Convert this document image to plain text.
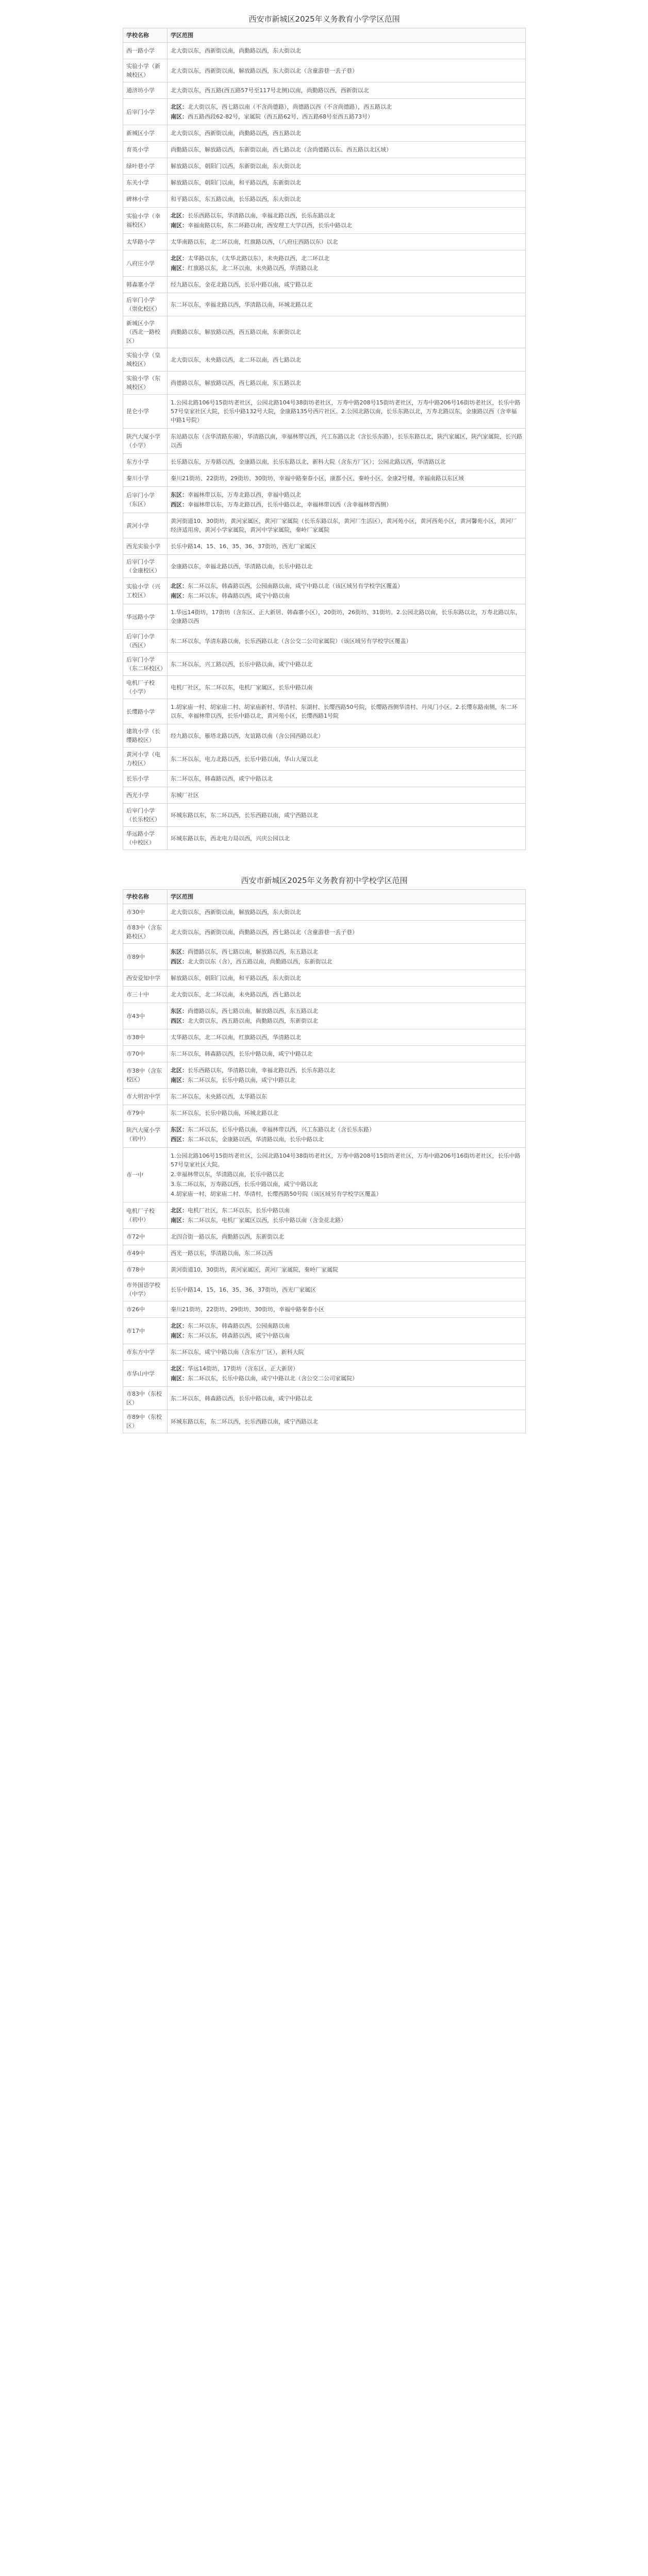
西安市新城区2025年义务教育小学学区范围
学校名称	学区范围
西一路小学	北大街以东，西新街以南，尚勤路以西，东大街以北

实验小学（新城校区）	北大街以东，西新街以南，解放路以西，东大街以北（含童游巷一丢子巷）

通济坊小学	北大街以东，西五路(西五路57号至117号北侧)以南，尚勤路以西，西新街以北

后宰门小学	北区：北大街以东，西七路以南（不含尚德路），尚德路以西（不含尚德路），西五路以北
南区：西五路西段62-82号，家属院（西五路62号、西五路68号至西五路73号）

新城区小学	北大街以东，西新街以南，尚勤路以西，西五路以北

育英小学	尚勤路以东，解放路以西，东新街以南，西七路以北（含尚德路以东、西五路以北区域）

绿叶巷小学	解放路以东，朝阳门以西，东新街以南，东大街以北

东关小学	解放路以东，朝阳门以南，和平路以西，东新街以北

碑林小学	和平路以东，东五路以南，长乐路以西，东大街以北

实验小学（幸福校区）	北区：长乐西路以东，华清路以南，幸福北路以西，长乐东路以北
南区：幸福南路以东，东二环路以南，西安理工大学以西，长乐中路以北

太华路小学	太华南路以东，北二环以南，红旗路以西，（八府庄西路以东）以北

八府庄小学	北区：太华路以东，（太华北路以东），未央路以西，北二环以北
南区：红旗路以东，北二环以南，未央路以西，华清路以北

韩森寨小学	经九路以东，金花北路以西，长乐中路以南，咸宁路以北

后宰门小学（崇化校区）	东二环以东，幸福北路以西，华清路以南，环城北路以北

新城区小学（西北一路校区）	尚勤路以东，解放路以西，西五路以南，东新街以北

实验小学（皇城校区）	北大街以东，未央路以西，北二环以南，西七路以北

实验小学（东城校区）	尚德路以东，解放路以西，西七路以南，东五路以北

昆仑小学	1.公园北路106号15街坊老社区，公园北路104号38街坊老社区，万寿中路208号15街坊老社区，万寿中路206号16街坊老社区，长乐中路57号皇家社区大院，长乐中路132号大院，金康路135号西片社区。2.公园北路以南，长乐东路以北，万寿北路以东，金康路以西（含幸福中路1号院）

陕汽大厦小学（小学）	东站路以东（含华清路东端），华清路以南，幸福林带以西，兴工东路以北（含长乐东路），长乐东路以北，陕汽家属区，陕汽家属院，长兴路以西

东方小学	长乐路以东，万寿路以西，金康路以南，长乐东路以北，新科大院（含东方厂区）；公园北路以西，华清路以北

秦川小学	秦川21街坊、22街坊、29街坊、30街坊，幸福中路秦春小区，康都小区、秦岭小区、金康2号楼，幸福南路以东区域

后宰门小学（东区）	东区：幸福林带以东，万寿北路以西，幸福中路以北
西区：幸福林带以东，万寿北路以西，长乐中路以北，幸福林带以西（含幸福林带西侧）

黄河小学	黄河街道10、30街坊，黄河家属区，黄河厂家属院（长乐东路以东，黄河厂生活区），黄河苑小区，黄河西苑小区，黄河馨苑小区，黄河厂经济适用房，黄河小学家属院，黄河中学家属院，秦岭厂家属院

西光实验小学	长乐中路14、15、16、35、36、37街坊，西光厂家属区

后宰门小学（金康校区）	金康路以东，幸福北路以西，华清路以南，长乐中路以北

实验小学（兴工校区）	北区：东二环以东，韩森路以西，公园南路以南，咸宁中路以北（该区域另有学校学区覆盖）
南区：东二环以东，韩森路以西，咸宁中路以南

华远路小学	1.华远14街坊，17街坊（含东区、正大新居、韩森寨小区），20街坊，26街坊、31街坊。2.公园北路以南，长乐东路以北，万寿北路以东，金康路以西

后宰门小学（西区）	东二环以东，华清东路以南，长乐西路以北（含公交二公司家属院）（该区域另有学校学区覆盖）

后宰门小学（东二环校区）	东二环以东，兴工路以西，长乐中路以南，咸宁中路以北

电机厂子校（小学）	电机厂社区，东二环以东，电机厂家属区，长乐中路以南

长缨路小学	1.胡家庙一村、胡家庙二村、胡家庙新村、华清村、东湖村、长缨西路50号院，长缨路西侧华清村、丹凤门小区。2.长缨东路南侧，东二环以东，幸福林带以西，长乐中路以北，黄河苑小区，长缨西路1号院

建筑小学（长缨路校区）	经九路以东，雁塔北路以西，友谊路以南（含公园西路以北）

黄河小学（电力校区）	东二环以东，电力北路以西，长乐中路以南，华山大厦以北

长乐小学	东二环以东，韩森路以西，咸宁中路以北

西光小学	东城厂社区

后宰门小学（长乐校区）	环城东路以东，东二环以西，长乐西路以南，咸宁西路以北

华远路小学（中校区）	环城东路以东，西北电力局以西，兴庆公园以北
西安市新城区2025年义务教育初中学校学区范围
学校名称	学区范围
市30中	北大街以东，西新街以南，解放路以西，东大街以北

市83中（含东路校区）	北大街以东，西新街以南，尚勤路以西，西七路以北（含童游巷一丢子巷）

市89中	东区：尚德路以东，西七路以南，解放路以西，东五路以北
西区：北大街以东（含），西五路以南，尚勤路以西，东新街以北

西安爱知中学	解放路以东，朝阳门以南，和平路以西，东大街以北

市三十中	北大街以东，北二环以南，未央路以西，西七路以北

市43中	东区：尚德路以东，西七路以南，解放路以西，东五路以北
西区：北大街以东，西五路以南，尚勤路以西，东新街以北

市38中	太华路以东，北二环以南，红旗路以西，华清路以北

市70中	东二环以东，韩森路以西，长乐中路以南，咸宁中路以北

市38中（含东校区）	北区：长乐西路以东，华清路以南，幸福北路以西，长乐东路以北
南区：东二环以东，长乐中路以南，咸宁中路以北

市大明宫中学	东二环以东，未央路以西，太华路以东

市79中	东二环以东，长乐中路以南，环城北路以北

陕汽大厦小学（初中）	东区：东二环以东，长乐中路以南，幸福林带以西，兴工东路以北（含长乐东路）
西区：东二环以东，金康路以西，华清路以南，长乐中路以北

市一中	1.公园北路106号15街坊老社区，公园北路104号38街坊老社区，万寿中路208号15街坊老社区，万寿中路206号16街坊老社区，长乐中路57号皇家社区大院。
2.幸福林带以东，华清路以南，长乐中路以北
3.东二环以东，万寿路以西，长乐中路以南，咸宁中路以北
4.胡家庙一村、胡家庙二村、华清村，长缨西路50号院（该区域另有学校学区覆盖）

电机厂子校（初中）	北区：电机厂社区，东二环以东，长乐中路以南
南区：东二环以东，电机厂家属区以西，长乐中路以南（含金花北路）

市72中	北四合街一路以东，尚勤路以西，东新街以北

市49中	西光一路以东，华清路以南，东二环以西

市78中	黄河街道10、30街坊，黄河家属区，黄河厂家属院，秦岭厂家属院

市外国语学校（中学）	长乐中路14、15、16、35、36、37街坊，西光厂家属区

市26中	秦川21街坊、22街坊、29街坊、30街坊，幸福中路秦春小区

市17中	北区：东二环以东，韩森路以西，公园南路以南
南区：东二环以东，韩森路以西，咸宁中路以南

市东方中学	东二环以东，咸宁中路以南（含东方厂区），新科大院

市华山中学	北区：华远14街坊，17街坊（含东区、正大新居）
南区：东二环以东，长乐中路以南，咸宁中路以北（含公交二公司家属院）

市83中（东校区）	东二环以东，韩森路以西，长乐中路以南，咸宁中路以北

市89中（东校区）	环城东路以东，东二环以西，长乐西路以南，咸宁西路以北
